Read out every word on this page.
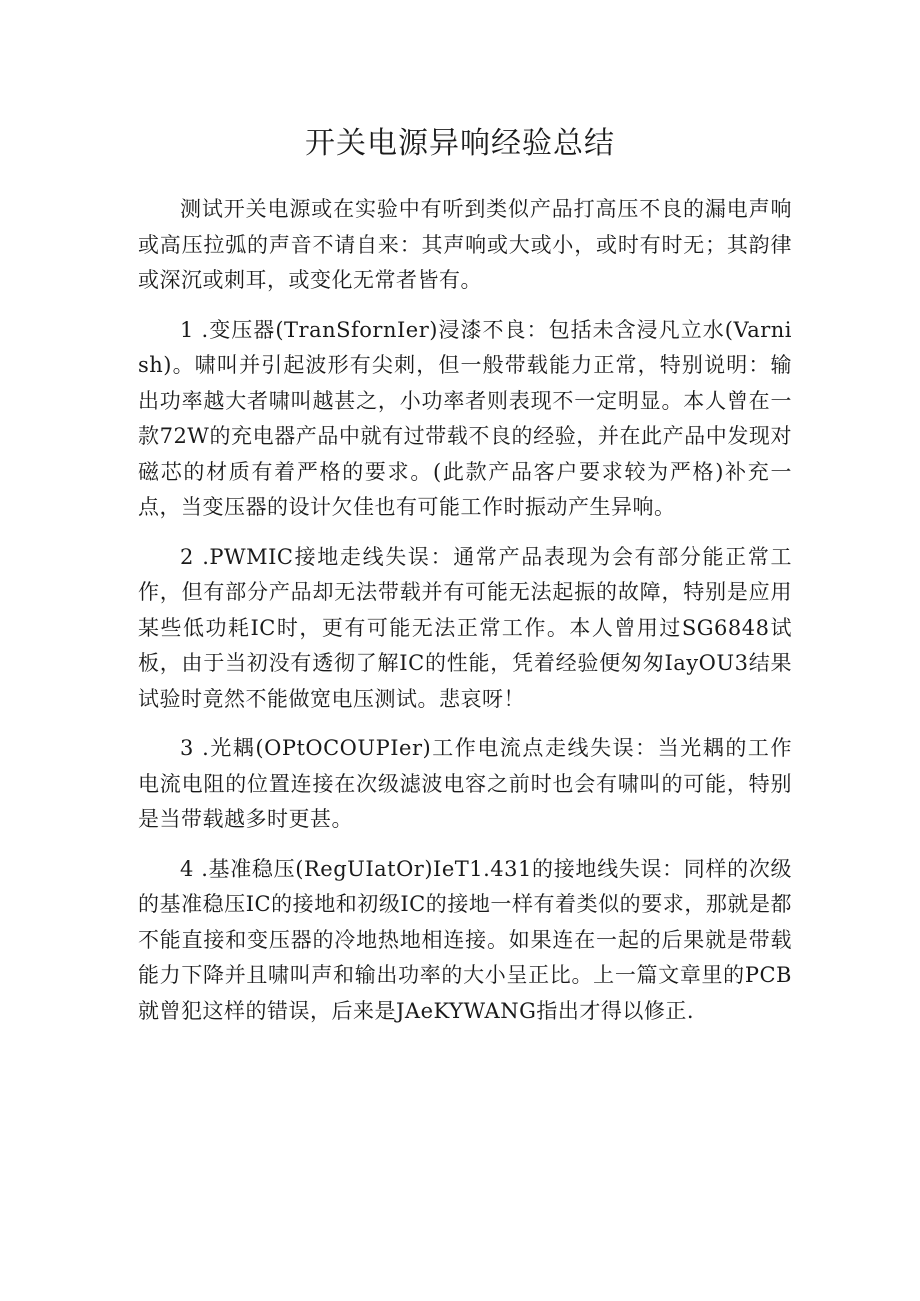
开关电源异响经验总结

测试开关电源或在实验中有听到类似产品打高压不良的漏电声响或高压拉弧的声音不请自来：其声响或大或小，或时有时无；其韵律或深沉或刺耳，或变化无常者皆有。

1 .变压器(TranSfornIer)浸漆不良：包括未含浸凡立水(Varnish)。啸叫并引起波形有尖刺，但一般带载能力正常，特别说明：输出功率越大者啸叫越甚之，小功率者则表现不一定明显。本人曾在一款72W的充电器产品中就有过带载不良的经验，并在此产品中发现对磁芯的材质有着严格的要求。(此款产品客户要求较为严格)补充一点，当变压器的设计欠佳也有可能工作时振动产生异响。

2 .PWMIC接地走线失误：通常产品表现为会有部分能正常工作，但有部分产品却无法带载并有可能无法起振的故障，特别是应用某些低功耗IC时，更有可能无法正常工作。本人曾用过SG6848试板，由于当初没有透彻了解IC的性能，凭着经验便匆匆IayOU3结果试验时竟然不能做宽电压测试。悲哀呀！

3 .光耦(OPtOCOUPIer)工作电流点走线失误：当光耦的工作电流电阻的位置连接在次级滤波电容之前时也会有啸叫的可能，特别是当带载越多时更甚。

4 .基准稳压(RegUIatOr)IeT1.431的接地线失误：同样的次级的基准稳压IC的接地和初级IC的接地一样有着类似的要求，那就是都不能直接和变压器的冷地热地相连接。如果连在一起的后果就是带载能力下降并且啸叫声和输出功率的大小呈正比。上一篇文章里的PCB就曾犯这样的错误，后来是JAeKYWANG指出才得以修正.
